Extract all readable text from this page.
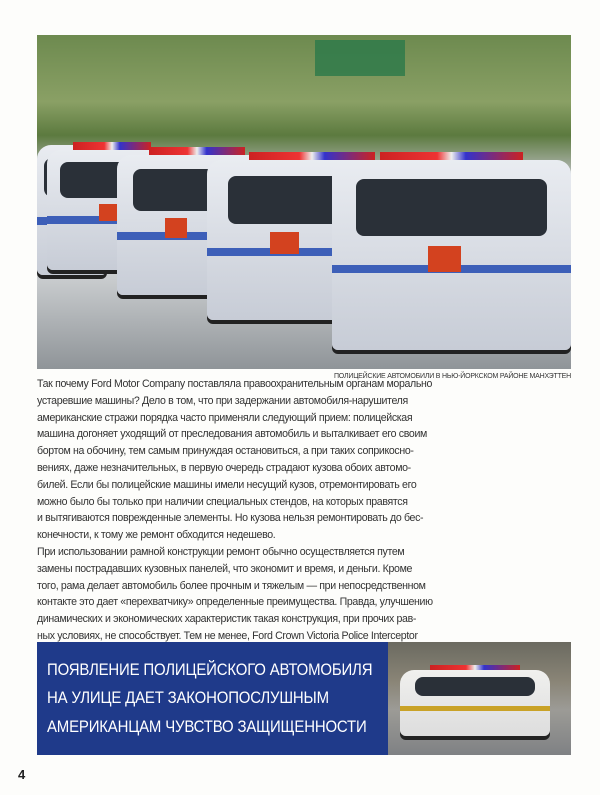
ПОЛИЦЕЙСКИЕ АВТОМОБИЛИ В НЬЮ-ЙОРКСКОМ РАЙОНЕ МАНХЭТТЕН
Так почему Ford Motor Company поставляла правоохранительным органам морально
устаревшие машины? Дело в том, что при задержании автомобиля-нарушителя
американские стражи порядка часто применяли следующий прием: полицейская
машина догоняет уходящий от преследования автомобиль и выталкивает его своим
бортом на обочину, тем самым принуждая остановиться, а при таких соприкосно-
вениях, даже незначительных, в первую очередь страдают кузова обоих автомо-
билей. Если бы полицейские машины имели несущий кузов, отремонтировать его
можно было бы только при наличии специальных стендов, на которых правятся
и вытягиваются поврежденные элементы. Но кузова нельзя ремонтировать до бес-
конечности, к тому же ремонт обходится недешево.
При использовании рамной конструкции ремонт обычно осуществляется путем
замены пострадавших кузовных панелей, что экономит и время, и деньги. Кроме
того, рама делает автомобиль более прочным и тяжелым — при непосредственном
контакте это дает «перехватчику» определенные преимущества. Правда, улучшению
динамических и экономических характеристик такая конструкция, при прочих рав-
ных условиях, не способствует. Тем не менее, Ford Crown Victoria Police Interceptor
ПОЯВЛЕНИЕ ПОЛИЦЕЙСКОГО АВТОМОБИЛЯ
НА УЛИЦЕ ДАЕТ ЗАКОНОПОСЛУШНЫМ
АМЕРИКАНЦАМ ЧУВСТВО ЗАЩИЩЕННОСТИ
4
